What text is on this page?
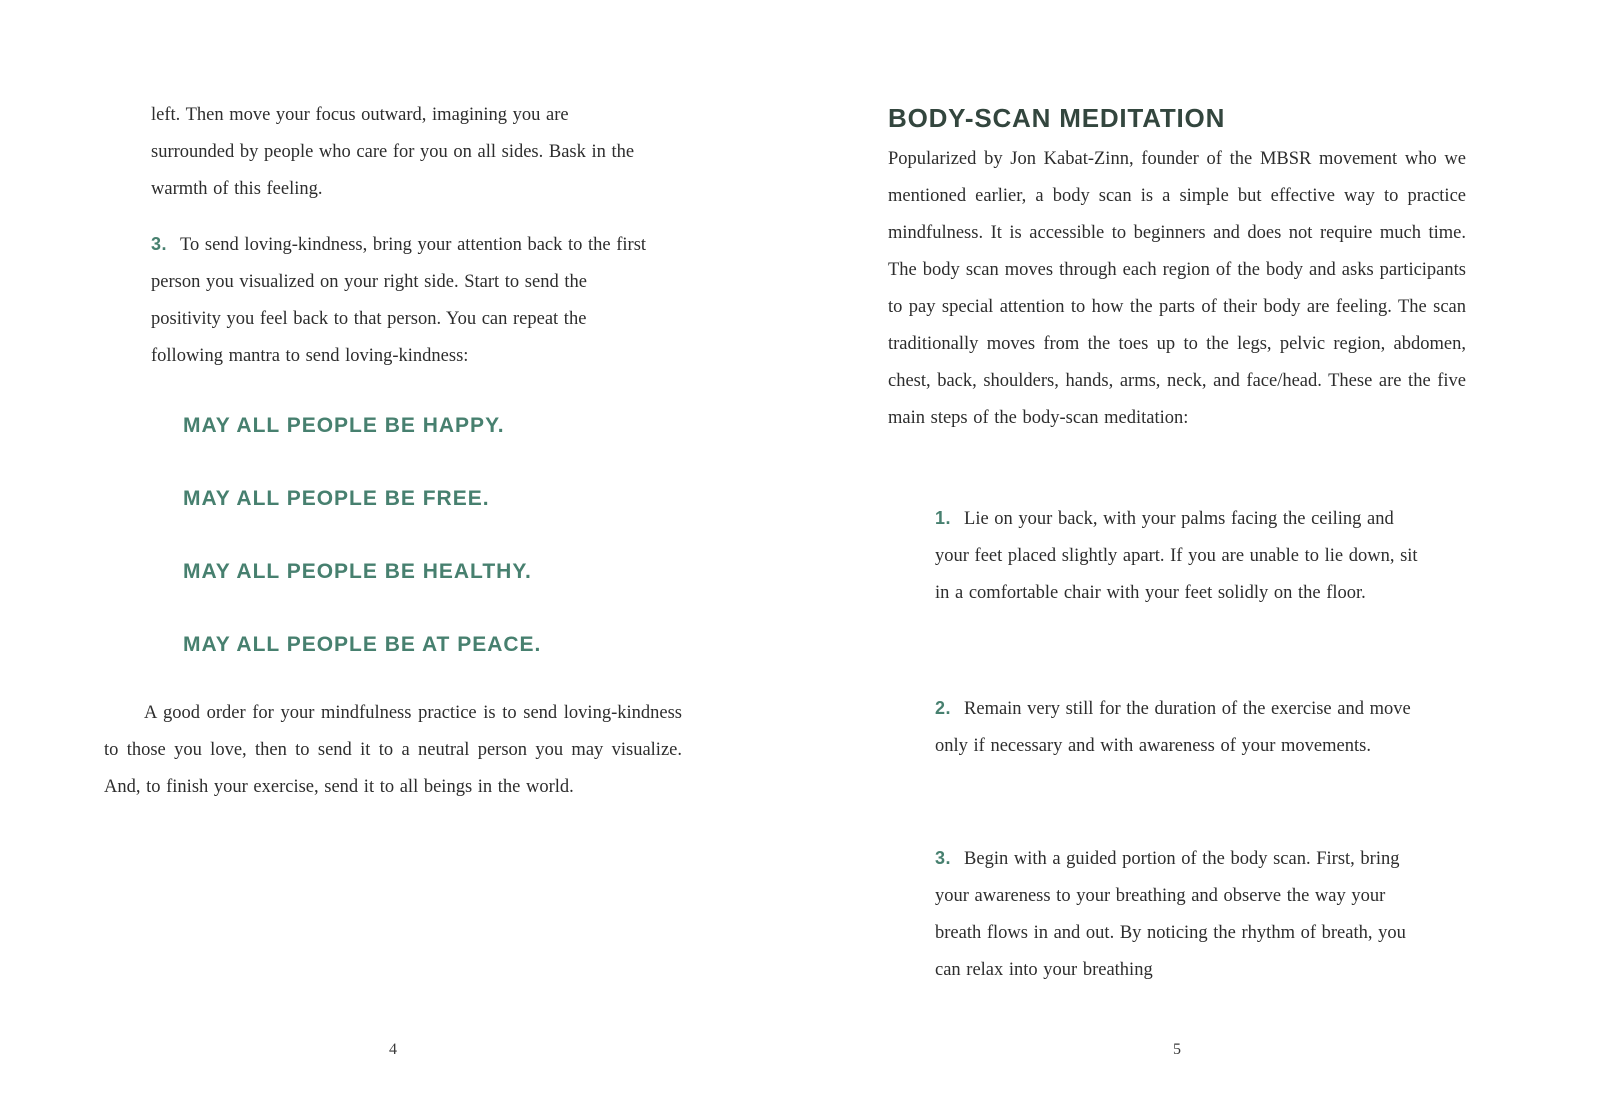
left. Then move your focus outward, imagining you are surrounded by people who care for you on all sides. Bask in the warmth of this feeling.

3. To send loving-kindness, bring your attention back to the first person you visualized on your right side. Start to send the positivity you feel back to that person. You can repeat the following mantra to send loving-kindness:

MAY ALL PEOPLE BE HAPPY.

MAY ALL PEOPLE BE FREE.

MAY ALL PEOPLE BE HEALTHY.

MAY ALL PEOPLE BE AT PEACE.

A good order for your mindfulness practice is to send loving-kindness to those you love, then to send it to a neutral person you may visualize. And, to finish your exercise, send it to all beings in the world.

4
BODY-SCAN MEDITATION

Popularized by Jon Kabat-Zinn, founder of the MBSR movement who we mentioned earlier, a body scan is a simple but effective way to practice mindfulness. It is accessible to beginners and does not require much time. The body scan moves through each region of the body and asks participants to pay special attention to how the parts of their body are feeling. The scan traditionally moves from the toes up to the legs, pelvic region, abdomen, chest, back, shoulders, hands, arms, neck, and face/head. These are the five main steps of the body-scan meditation:

1. Lie on your back, with your palms facing the ceiling and your feet placed slightly apart. If you are unable to lie down, sit in a comfortable chair with your feet solidly on the floor.

2. Remain very still for the duration of the exercise and move only if necessary and with awareness of your movements.

3. Begin with a guided portion of the body scan. First, bring your awareness to your breathing and observe the way your breath flows in and out. By noticing the rhythm of breath, you can relax into your breathing

5
